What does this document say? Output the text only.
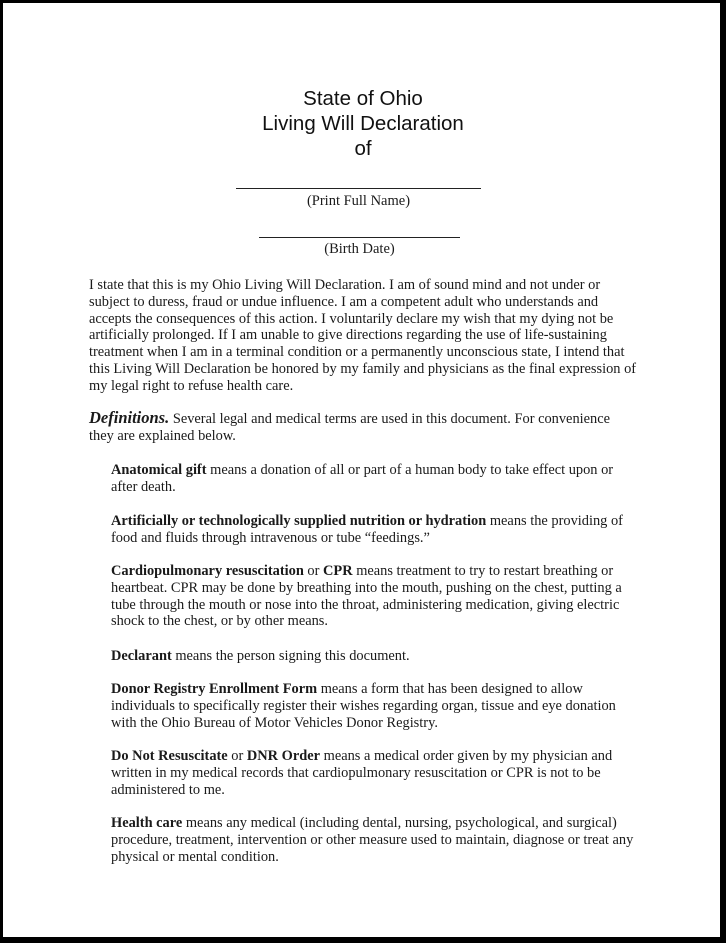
State of Ohio
Living Will Declaration
of
(Print Full Name)
(Birth Date)

I state that this is my Ohio Living Will Declaration. I am of sound mind and not under or subject to duress, fraud or undue influence. I am a competent adult who understands and accepts the consequences of this action. I voluntarily declare my wish that my dying not be artificially prolonged. If I am unable to give directions regarding the use of life-sustaining treatment when I am in a terminal condition or a permanently unconscious state, I intend that this Living Will Declaration be honored by my family and physicians as the final expression of my legal right to refuse health care.

Definitions. Several legal and medical terms are used in this document. For convenience they are explained below.

Anatomical gift means a donation of all or part of a human body to take effect upon or after death.

Artificially or technologically supplied nutrition or hydration means the providing of food and fluids through intravenous or tube “feedings.”

Cardiopulmonary resuscitation or CPR means treatment to try to restart breathing or heartbeat. CPR may be done by breathing into the mouth, pushing on the chest, putting a tube through the mouth or nose into the throat, administering medication, giving electric shock to the chest, or by other means.

Declarant means the person signing this document.

Donor Registry Enrollment Form means a form that has been designed to allow individuals to specifically register their wishes regarding organ, tissue and eye donation with the Ohio Bureau of Motor Vehicles Donor Registry.

Do Not Resuscitate or DNR Order means a medical order given by my physician and written in my medical records that cardiopulmonary resuscitation or CPR is not to be administered to me.

Health care means any medical (including dental, nursing, psychological, and surgical) procedure, treatment, intervention or other measure used to maintain, diagnose or treat any physical or mental condition.
